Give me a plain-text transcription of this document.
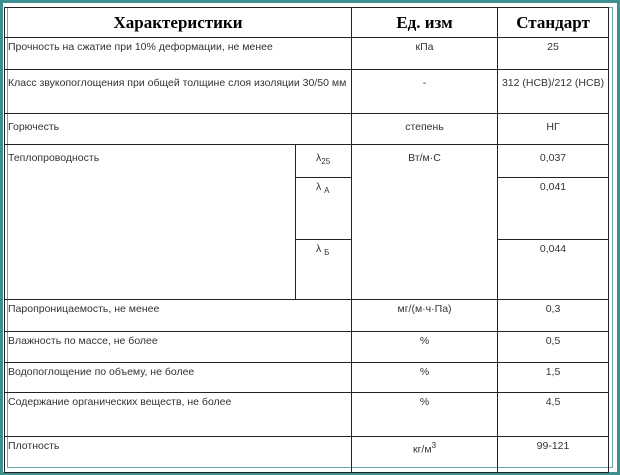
Характеристики		Ед. изм	Стандарт
Прочность на сжатие при 10% деформации, не менее		кПа	25
Класс звукопоглощения при общей толщине слоя изоляции 30/50 мм		-	312 (НСВ)/212 (НСВ)
Горючесть		степень	НГ
Теплопроводность	$\lambda_{25}$	Вт/м·С	0,037
	λ $_А$		0,041
	λ $_Б$		0,044
Паропроницаемость, не менее		мг/(м·ч·Па)	0,3
Влажность по массе, не более		%	0,5
Водопоглощение по объему, не более		%	1,5
Содержание органических веществ, не более		%	4,5
Плотность		$кг/м^3$	99-121
